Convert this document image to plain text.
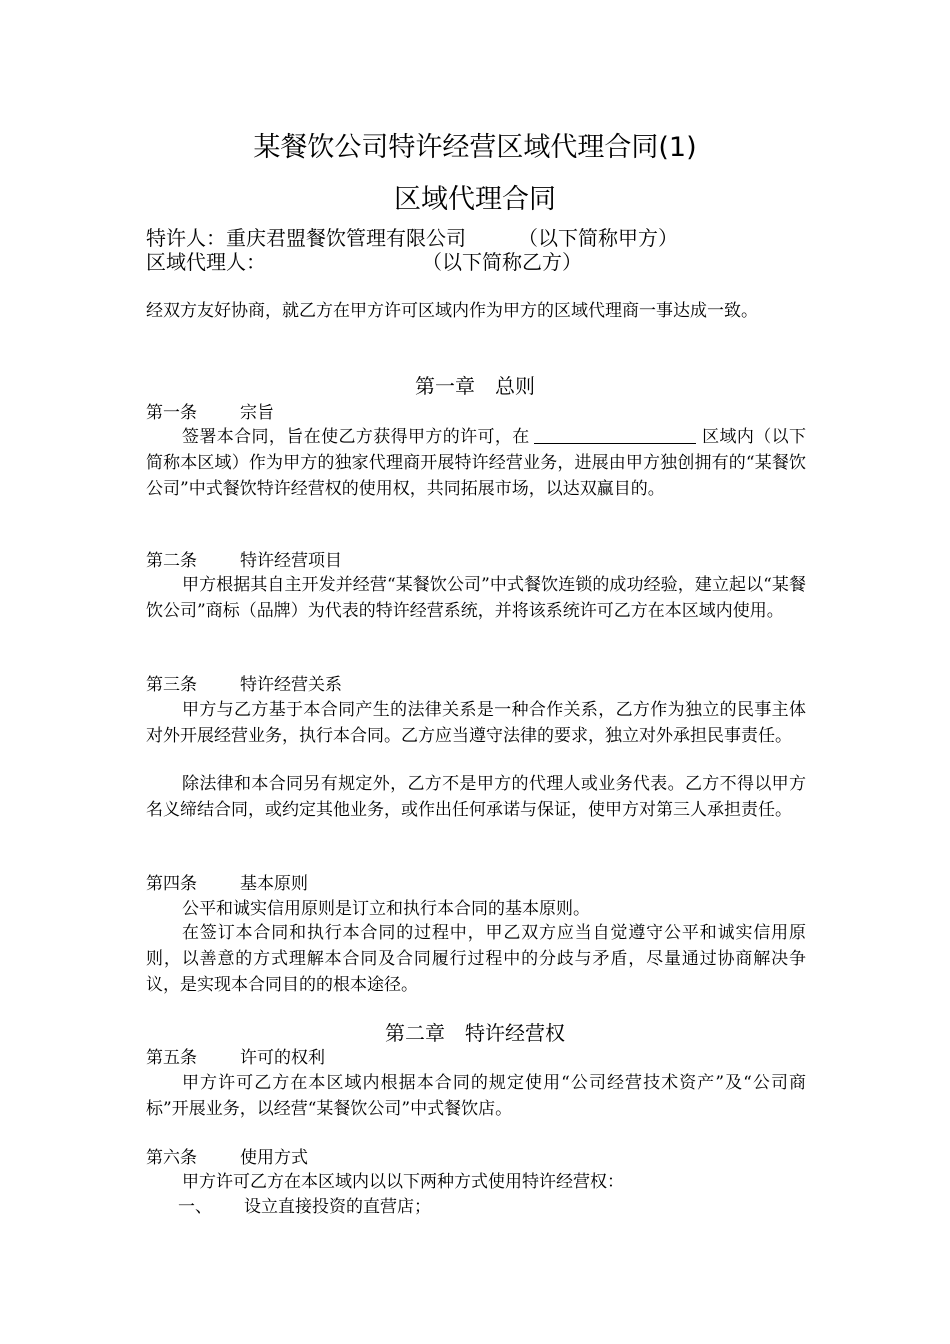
某餐饮公司特许经营区域代理合同(1)
区域代理合同
特许人：重庆君盟餐饮管理有限公司	（以下简称甲方）
区域代理人：	（以下简称乙方）
经双方友好协商，就乙方在甲方许可区域内作为甲方的区域代理商一事达成一致。
第一章　总则
第一条	宗旨
签署本合同，旨在使乙方获得甲方的许可，在	区域内（以下简称本区域）作为甲方的独家代理商开展特许经营业务，进展由甲方独创拥有的“某餐饮公司”中式餐饮特许经营权的使用权，共同拓展市场，以达双赢目的。
第二条	特许经营项目
甲方根据其自主开发并经营“某餐饮公司”中式餐饮连锁的成功经验，建立起以“某餐饮公司”商标（品牌）为代表的特许经营系统，并将该系统许可乙方在本区域内使用。
第三条	特许经营关系
甲方与乙方基于本合同产生的法律关系是一种合作关系，乙方作为独立的民事主体对外开展经营业务，执行本合同。乙方应当遵守法律的要求，独立对外承担民事责任。
除法律和本合同另有规定外，乙方不是甲方的代理人或业务代表。乙方不得以甲方名义缔结合同，或约定其他业务，或作出任何承诺与保证，使甲方对第三人承担责任。
第四条	基本原则
公平和诚实信用原则是订立和执行本合同的基本原则。
在签订本合同和执行本合同的过程中，甲乙双方应当自觉遵守公平和诚实信用原则，以善意的方式理解本合同及合同履行过程中的分歧与矛盾，尽量通过协商解决争议，是实现本合同目的的根本途径。
第二章　特许经营权
第五条	许可的权利
甲方许可乙方在本区域内根据本合同的规定使用“公司经营技术资产”及“公司商标”开展业务，以经营“某餐饮公司”中式餐饮店。
第六条	使用方式
甲方许可乙方在本区域内以以下两种方式使用特许经营权：
一、 设立直接投资的直营店；
